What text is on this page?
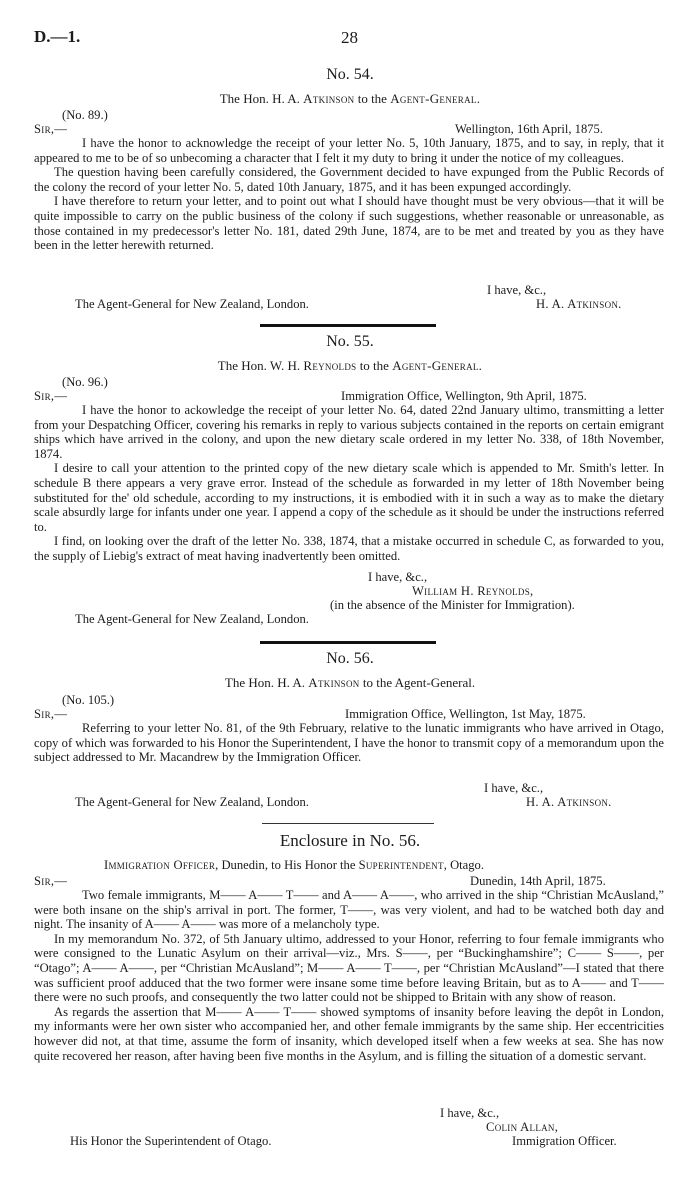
D.—1.	28
No. 54.
The Hon. H. A. Atkinson to the Agent-General.
(No. 89.)
Sir,—	Wellington, 16th April, 1875.

I have the honor to acknowledge the receipt of your letter No. 5, 10th January, 1875, and to say, in reply, that it appeared to me to be of so unbecoming a character that I felt it my duty to bring it under the notice of my colleagues.

The question having been carefully considered, the Government decided to have expunged from the Public Records of the colony the record of your letter No. 5, dated 10th January, 1875, and it has been expunged accordingly.

I have therefore to return your letter, and to point out what I should have thought must be very obvious—that it will be quite impossible to carry on the public business of the colony if such suggestions, whether reasonable or unreasonable, as those contained in my predecessor's letter No. 181, dated 29th June, 1874, are to be met and treated by you as they have been in the letter herewith returned.

I have, &c.,
The Agent-General for New Zealand, London.	H. A. Atkinson.
No. 55.
The Hon. W. H. Reynolds to the Agent-General.
(No. 96.)
Sir,—	Immigration Office, Wellington, 9th April, 1875.

I have the honor to ackowledge the receipt of your letter No. 64, dated 22nd January ultimo, transmitting a letter from your Despatching Officer, covering his remarks in reply to various subjects contained in the reports on certain emigrant ships which have arrived in the colony, and upon the new dietary scale ordered in my letter No. 338, of 18th November, 1874.

I desire to call your attention to the printed copy of the new dietary scale which is appended to Mr. Smith's letter. In schedule B there appears a very grave error. Instead of the schedule as forwarded in my letter of 18th November being substituted for the' old schedule, according to my instructions, it is embodied with it in such a way as to make the dietary scale absurdly large for infants under one year. I append a copy of the schedule as it should be under the instructions referred to.

I find, on looking over the draft of the letter No. 338, 1874, that a mistake occurred in schedule C, as forwarded to you, the supply of Liebig's extract of meat having inadvertently been omitted.

I have, &c.,
William H. Reynolds,
(in the absence of the Minister for Immigration).
The Agent-General for New Zealand, London.
No. 56.
The Hon. H. A. Atkinson to the Agent-General.
(No. 105.)
Sir,—	Immigration Office, Wellington, 1st May, 1875.

Referring to your letter No. 81, of the 9th February, relative to the lunatic immigrants who have arrived in Otago, copy of which was forwarded to his Honor the Superintendent, I have the honor to transmit copy of a memorandum upon the subject addressed to Mr. Macandrew by the Immigration Officer.

I have, &c.,
The Agent-General for New Zealand, London.	H. A. Atkinson.
Enclosure in No. 56.
Immigration Officer, Dunedin, to His Honor the Superintendent, Otago.
Sir,—	Dunedin, 14th April, 1875.

Two female immigrants, M—— A—— T—— and A—— A——, who arrived in the ship “Christian McAusland,” were both insane on the ship's arrival in port. The former, T——, was very violent, and had to be watched both day and night. The insanity of A—— A—— was more of a melancholy type.

In my memorandum No. 372, of 5th January ultimo, addressed to your Honor, referring to four female immigrants who were consigned to the Lunatic Asylum on their arrival—viz., Mrs. S——, per “Buckinghamshire”; C—— S——, per “Otago”; A—— A——, per “Christian McAusland”; M—— A—— T——, per “Christian McAusland”—I stated that there was sufficient proof adduced that the two former were insane some time before leaving Britain, but as to A—— and T—— there were no such proofs, and consequently the two latter could not be shipped to Britain with any show of reason.

As regards the assertion that M—— A—— T—— showed symptoms of insanity before leaving the depôt in London, my informants were her own sister who accompanied her, and other female immigrants by the same ship. Her eccentricities however did not, at that time, assume the form of insanity, which developed itself when a few weeks at sea. She has now quite recovered her reason, after having been five months in the Asylum, and is filling the situation of a domestic servant.

I have, &c.,
Colin Allan,
His Honor the Superintendent of Otago.	Immigration Officer.
